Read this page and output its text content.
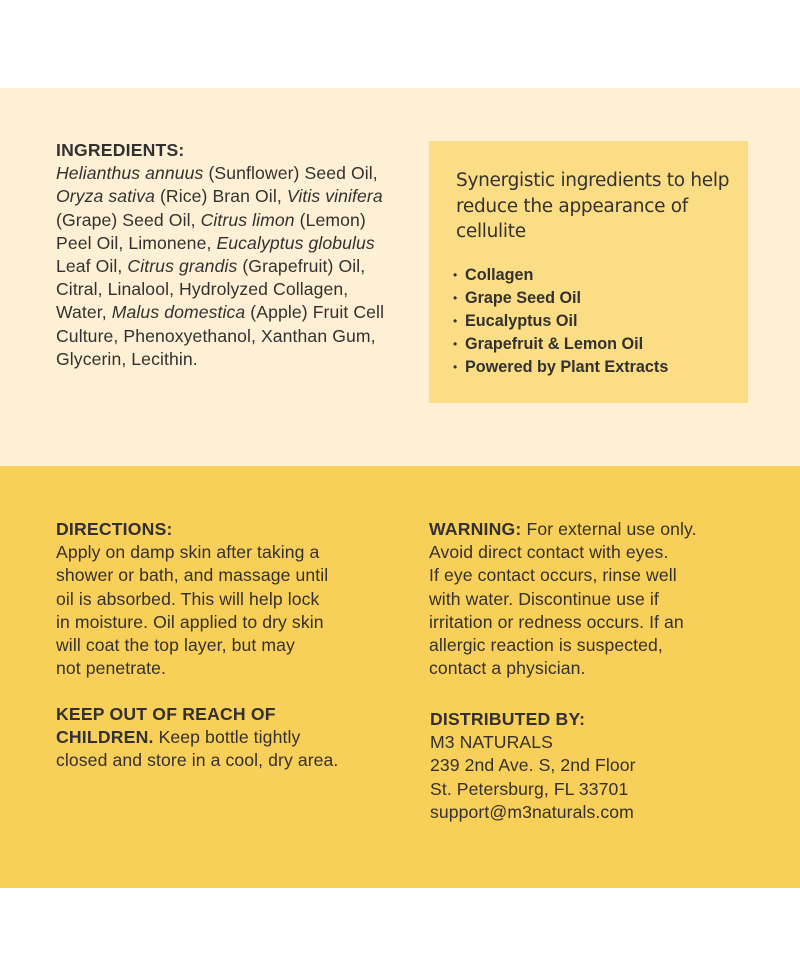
INGREDIENTS:
Helianthus annuus (Sunflower) Seed Oil, Oryza sativa (Rice) Bran Oil, Vitis vinifera (Grape) Seed Oil, Citrus limon (Lemon) Peel Oil, Limonene, Eucalyptus globulus Leaf Oil, Citrus grandis (Grapefruit) Oil, Citral, Linalool, Hydrolyzed Collagen, Water, Malus domestica (Apple) Fruit Cell Culture, Phenoxyethanol, Xanthan Gum, Glycerin, Lecithin.
Synergistic ingredients to help reduce the appearance of cellulite
• Collagen
• Grape Seed Oil
• Eucalyptus Oil
• Grapefruit & Lemon Oil
• Powered by Plant Extracts
DIRECTIONS:

Apply on damp skin after taking a

shower or bath, and massage until

oil is absorbed. This will help lock

in moisture. Oil applied to dry skin

will coat the top layer, but may

not penetrate.

KEEP OUT OF REACH OF

CHILDREN. Keep bottle tightly

closed and store in a cool, dry area.

WARNING: For external use only.

Avoid direct contact with eyes.

If eye contact occurs, rinse well

with water. Discontinue use if

irritation or redness occurs. If an

allergic reaction is suspected,

contact a physician.

DISTRIBUTED BY:

M3 NATURALS

239 2nd Ave. S, 2nd Floor

St. Petersburg, FL 33701

support@m3naturals.com
